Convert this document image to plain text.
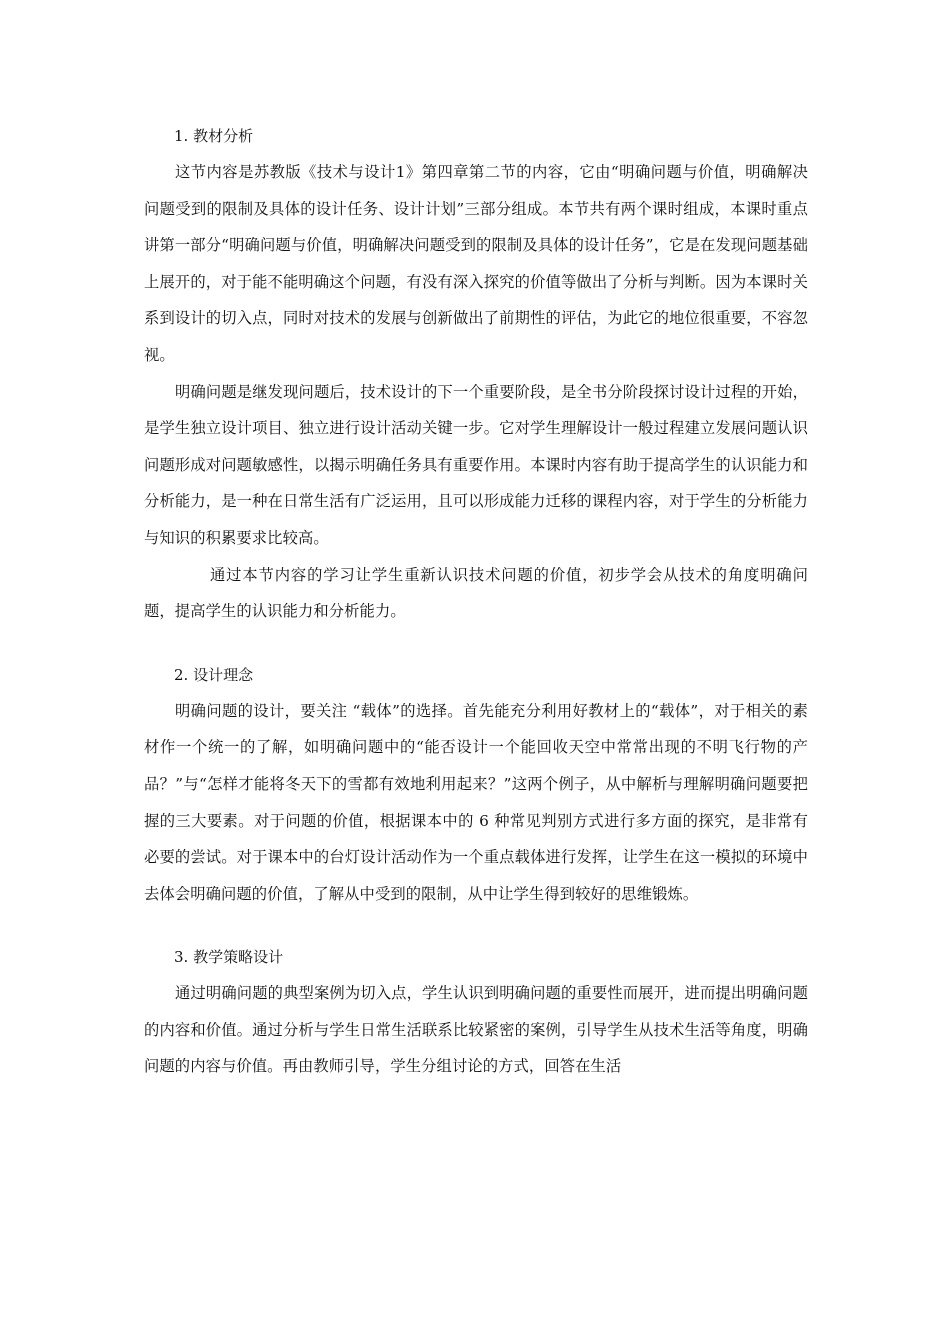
1. 教材分析

这节内容是苏教版《技术与设计1》第四章第二节的内容，它由“明确问题与价值，明确解决问题受到的限制及具体的设计任务、设计计划”三部分组成。本节共有两个课时组成，本课时重点讲第一部分“明确问题与价值，明确解决问题受到的限制及具体的设计任务”，它是在发现问题基础上展开的，对于能不能明确这个问题，有没有深入探究的价值等做出了分析与判断。因为本课时关系到设计的切入点，同时对技术的发展与创新做出了前期性的评估，为此它的地位很重要，不容忽视。

明确问题是继发现问题后，技术设计的下一个重要阶段，是全书分阶段探讨设计过程的开始，是学生独立设计项目、独立进行设计活动关键一步。它对学生理解设计一般过程建立发展问题认识问题形成对问题敏感性，以揭示明确任务具有重要作用。本课时内容有助于提高学生的认识能力和分析能力，是一种在日常生活有广泛运用，且可以形成能力迁移的课程内容，对于学生的分析能力与知识的积累要求比较高。

通过本节内容的学习让学生重新认识技术问题的价值，初步学会从技术的角度明确问题，提高学生的认识能力和分析能力。

2. 设计理念

明确问题的设计，要关注 “载体”的选择。首先能充分利用好教材上的“载体”，对于相关的素材作一个统一的了解，如明确问题中的“能否设计一个能回收天空中常常出现的不明飞行物的产品？”与“怎样才能将冬天下的雪都有效地利用起来？”这两个例子，从中解析与理解明确问题要把握的三大要素。对于问题的价值，根据课本中的 6 种常见判别方式进行多方面的探究，是非常有必要的尝试。对于课本中的台灯设计活动作为一个重点载体进行发挥，让学生在这一模拟的环境中去体会明确问题的价值，了解从中受到的限制，从中让学生得到较好的思维锻炼。

3. 教学策略设计

通过明确问题的典型案例为切入点，学生认识到明确问题的重要性而展开，进而提出明确问题的内容和价值。通过分析与学生日常生活联系比较紧密的案例，引导学生从技术生活等角度，明确问题的内容与价值。再由教师引导，学生分组讨论的方式，回答在生活
